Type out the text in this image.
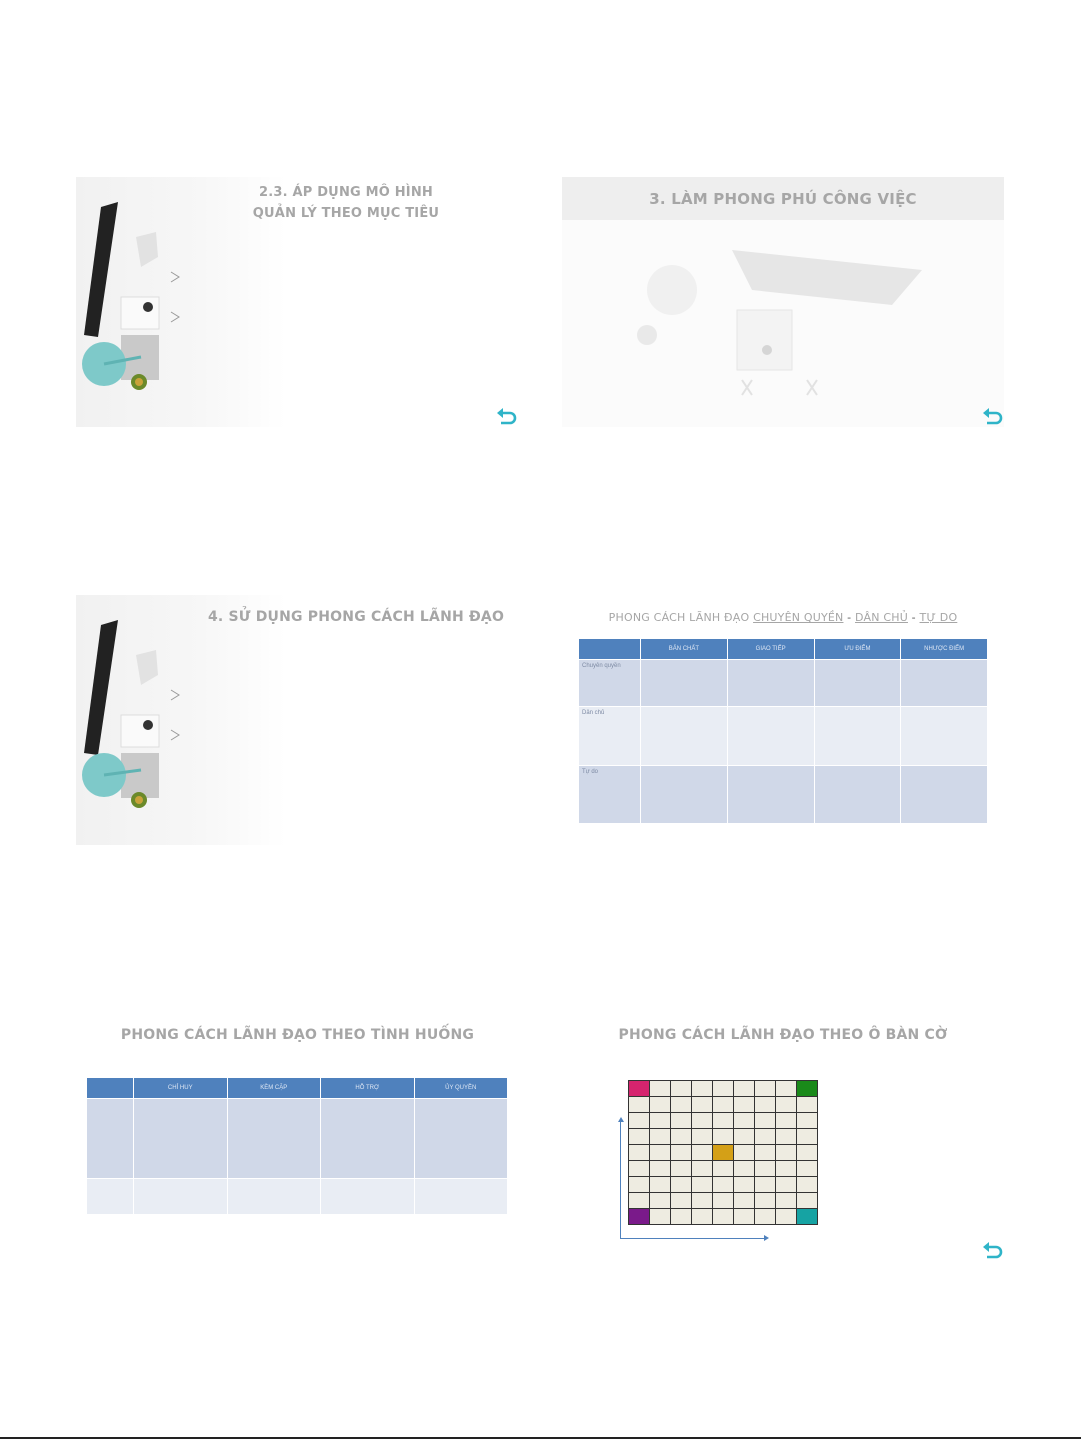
2.3. ÁP DỤNG MÔ HÌNH
QUẢN LÝ THEO MỤC TIÊU
3. LÀM PHONG PHÚ CÔNG VIỆC
4. SỬ DỤNG PHONG CÁCH LÃNH ĐẠO	PHONG CÁCH LÃNH ĐẠO CHUYÊN QUYỀN - DÂN CHỦ - TỰ DO
	BẢN CHẤT	GIAO TIẾP	ƯU ĐIỂM	NHƯỢC ĐIỂM
Chuyên quyền				
Dân chủ				
Tự do				
PHONG CÁCH LÃNH ĐẠO THEO TÌNH HUỐNG
	CHỈ HUY	KÈM CẶP	HỖ TRỢ	ỦY QUYỀN

PHONG CÁCH LÃNH ĐẠO THEO Ô BÀN CỜ
